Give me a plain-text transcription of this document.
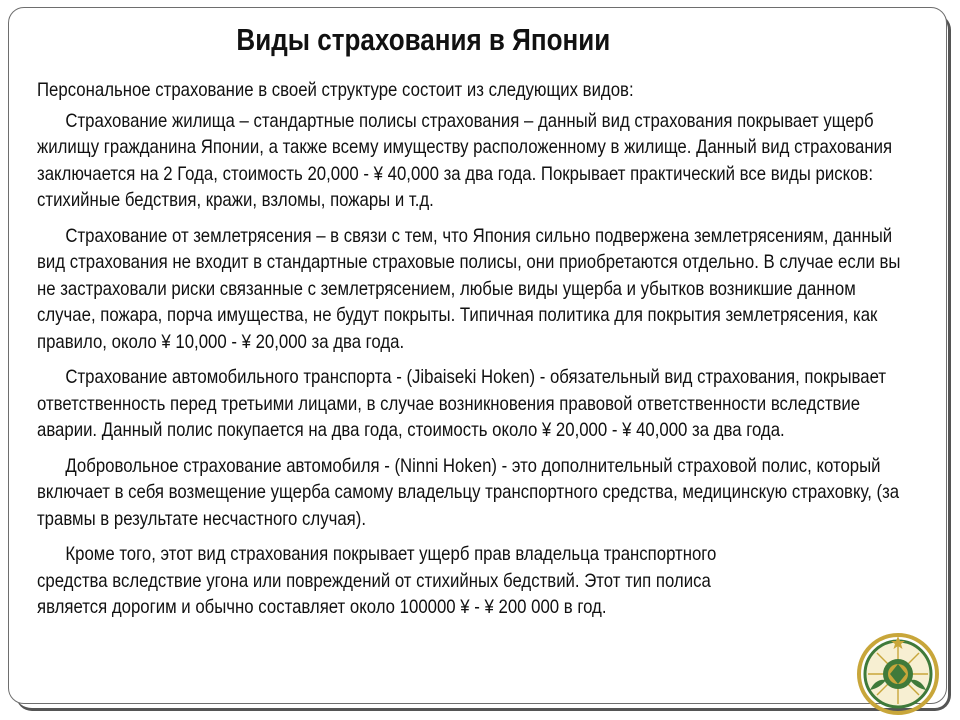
Виды страхования в Японии

Персональное страхование в своей структуре состоит из следующих видов:

Страхование жилища – стандартные полисы страхования – данный вид страхования покрывает ущерб жилищу гражданина Японии, а также всему имуществу расположенному в жилище. Данный вид страхования заключается на 2 Года, стоимость 20,000 - ¥ 40,000 за два года. Покрывает практический все виды рисков: стихийные бедствия, кражи, взломы, пожары и т.д.

Страхование от землетрясения – в связи с тем, что Япония сильно подвержена землетрясениям, данный вид страхования не входит в стандартные страховые полисы, они приобретаются отдельно. В случае если вы не застраховали риски связанные с землетрясением, любые виды ущерба и убытков возникшие данном случае, пожара, порча имущества, не будут покрыты. Типичная политика для покрытия землетрясения, как правило, около ¥ 10,000 - ¥ 20,000 за два года.

Страхование автомобильного транспорта - (Jibaiseki Hoken) - обязательный вид страхования, покрывает ответственность перед третьими лицами, в случае возникновения правовой ответственности вследствие аварии. Данный полис покупается на два года, стоимость около ¥ 20,000 - ¥ 40,000 за два года.

Добровольное страхование автомобиля - (Ninni Hoken) - это дополнительный страховой полис, который включает в себя возмещение ущерба самому владельцу транспортного средства, медицинскую страховку, (за травмы в результате несчастного случая).

Кроме того, этот вид страхования покрывает ущерб прав владельца транспортного средства вследствие угона или повреждений от стихийных бедствий. Этот тип полиса является дорогим и обычно составляет около 100000 ¥ - ¥ 200 000 в год.
